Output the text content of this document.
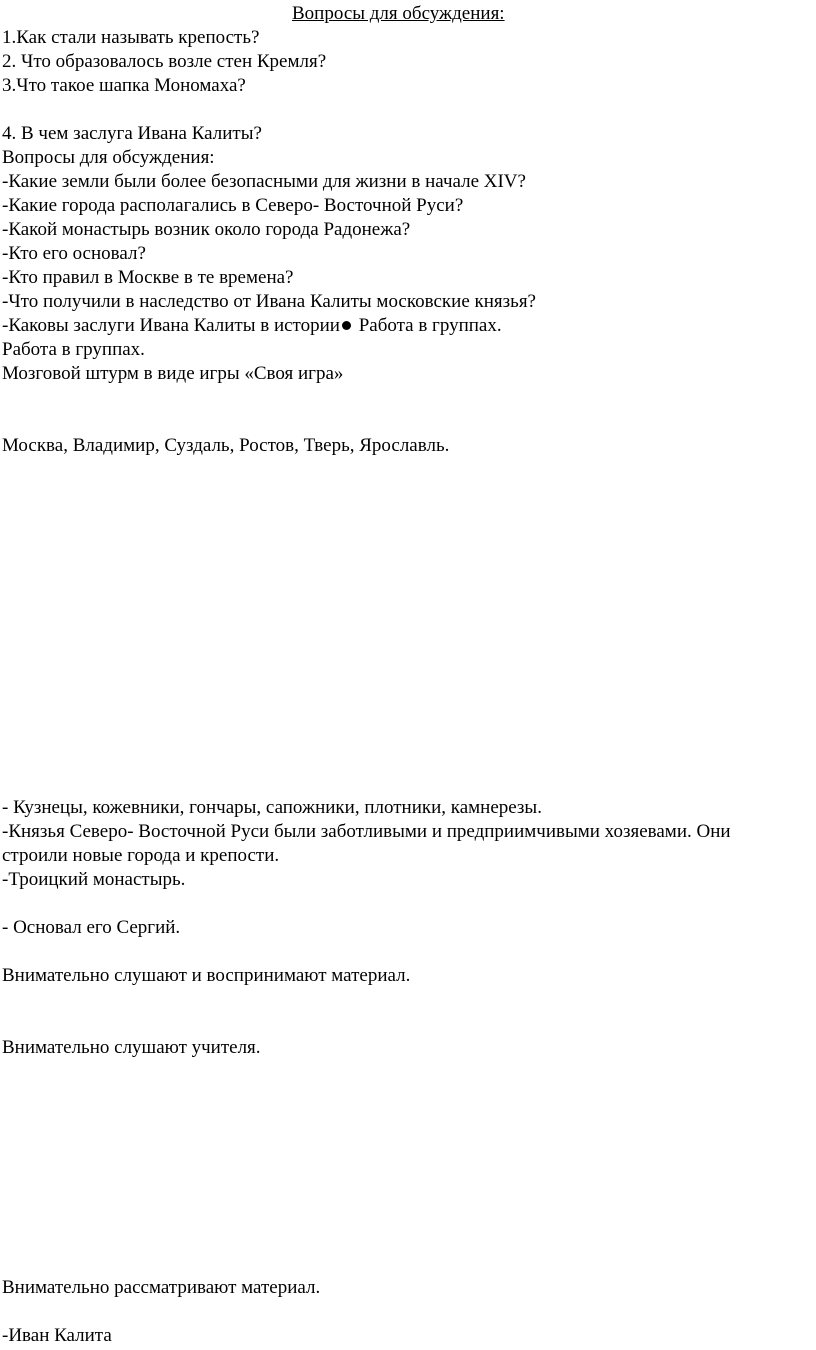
Вопросы для обсуждения:
1.Как стали называть крепость?
2. Что образовалось возле стен Кремля?
3.Что такое шапка Мономаха?
4. В чем заслуга Ивана Калиты?
Вопросы для обсуждения:
-Какие земли были более безопасными для жизни в начале XIV?
-Какие города располагались в Северо- Восточной Руси?
-Какой монастырь возник около города Радонежа?
-Кто его основал?
-Кто правил в Москве в те времена?
-Что получили в наследство от Ивана Калиты московские князья?
-Каковы заслуги Ивана Калиты в истории Работа в группах.
Работа в группах.
Мозговой штурм в виде игры «Своя игра»
Москва, Владимир, Суздаль, Ростов, Тверь, Ярославль.
- Кузнецы, кожевники, гончары, сапожники, плотники, камнерезы.
-Князья Северо- Восточной Руси были заботливыми и предприимчивыми хозяевами. Они
строили новые города и крепости.
-Троицкий монастырь.
- Основал его Сергий.
Внимательно слушают и воспринимают материал.
Внимательно слушают учителя.
Внимательно рассматривают материал.
-Иван Калита
